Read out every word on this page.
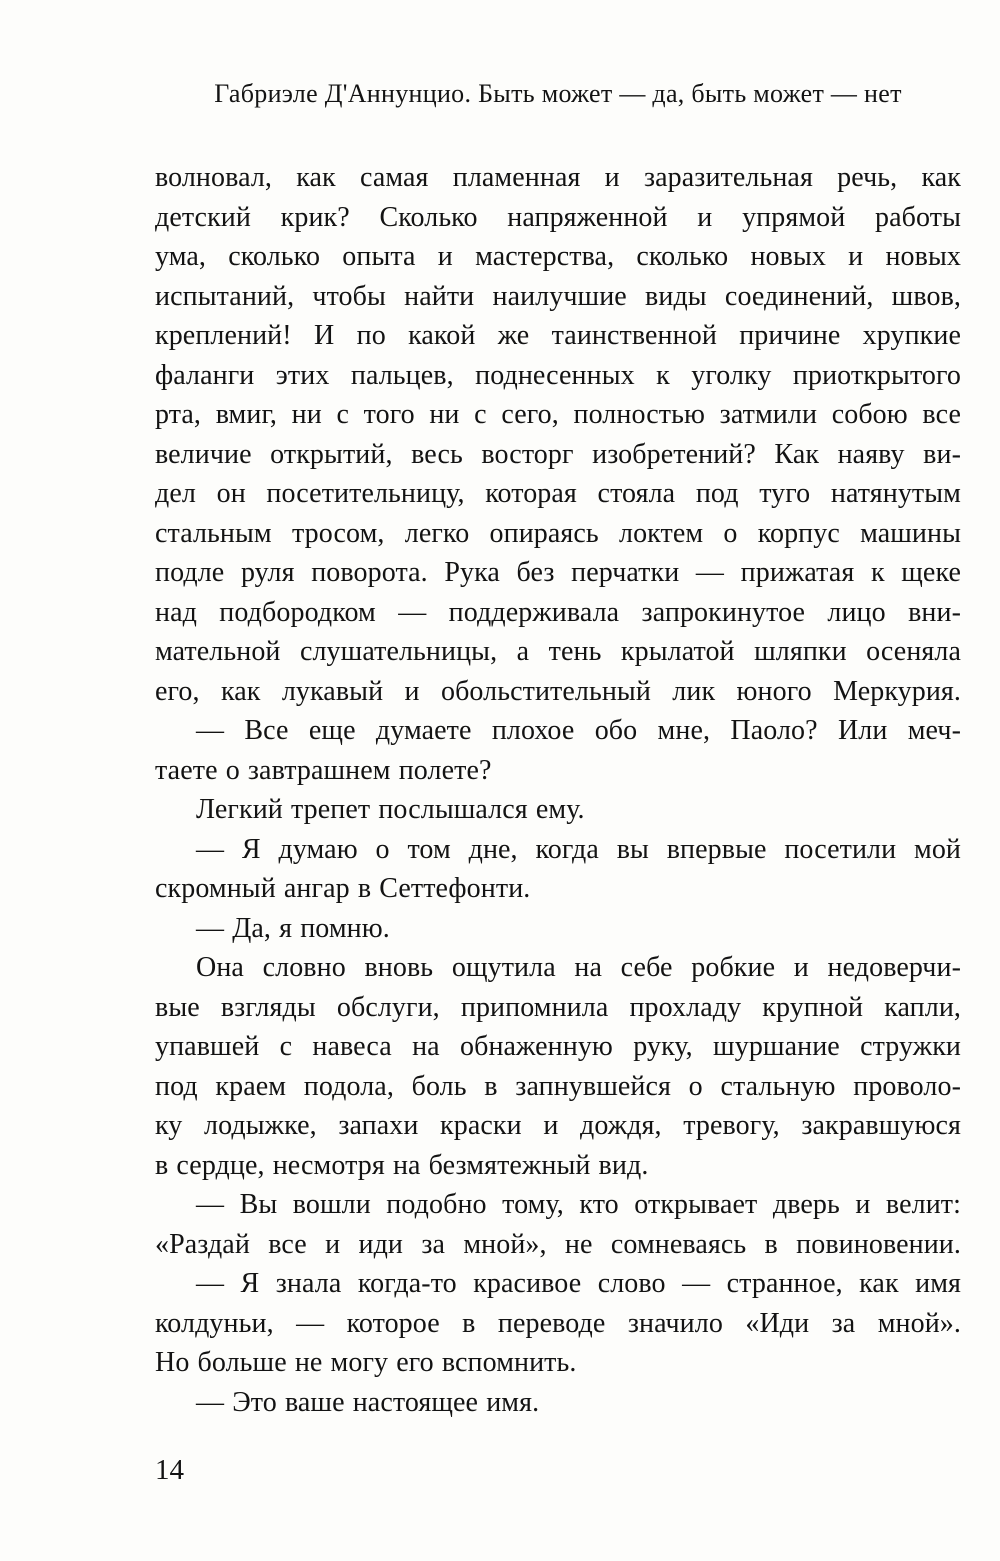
Габриэле Д'Аннунцио. Быть может — да, быть может — нет

волновал, как самая пламенная и заразительная речь, как
детский крик? Сколько напряженной и упрямой работы
ума, сколько опыта и мастерства, сколько новых и новых
испытаний, чтобы найти наилучшие виды соединений, швов,
креплений! И по какой же таинственной причине хрупкие
фаланги этих пальцев, поднесенных к уголку приоткрытого
рта, вмиг, ни с того ни с сего, полностью затмили собою все
величие открытий, весь восторг изобретений? Как наяву ви-
дел он посетительницу, которая стояла под туго натянутым
стальным тросом, легко опираясь локтем о корпус машины
подле руля поворота. Рука без перчатки — прижатая к щеке
над подбородком — поддерживала запрокинутое лицо вни-
мательной слушательницы, а тень крылатой шляпки осеняла
его, как лукавый и обольстительный лик юного Меркурия.

— Все еще думаете плохое обо мне, Паоло? Или меч-
таете о завтрашнем полете?

Легкий трепет послышался ему.

— Я думаю о том дне, когда вы впервые посетили мой
скромный ангар в Сеттефонти.

— Да, я помню.

Она словно вновь ощутила на себе робкие и недоверчи-
вые взгляды обслуги, припомнила прохладу крупной капли,
упавшей с навеса на обнаженную руку, шуршание стружки
под краем подола, боль в запнувшейся о стальную проволо-
ку лодыжке, запахи краски и дождя, тревогу, закравшуюся
в сердце, несмотря на безмятежный вид.

— Вы вошли подобно тому, кто открывает дверь и велит:
«Раздай все и иди за мной», не сомневаясь в повиновении.

— Я знала когда-то красивое слово — странное, как имя
колдуньи, — которое в переводе значило «Иди за мной».
Но больше не могу его вспомнить.

— Это ваше настоящее имя.

14
